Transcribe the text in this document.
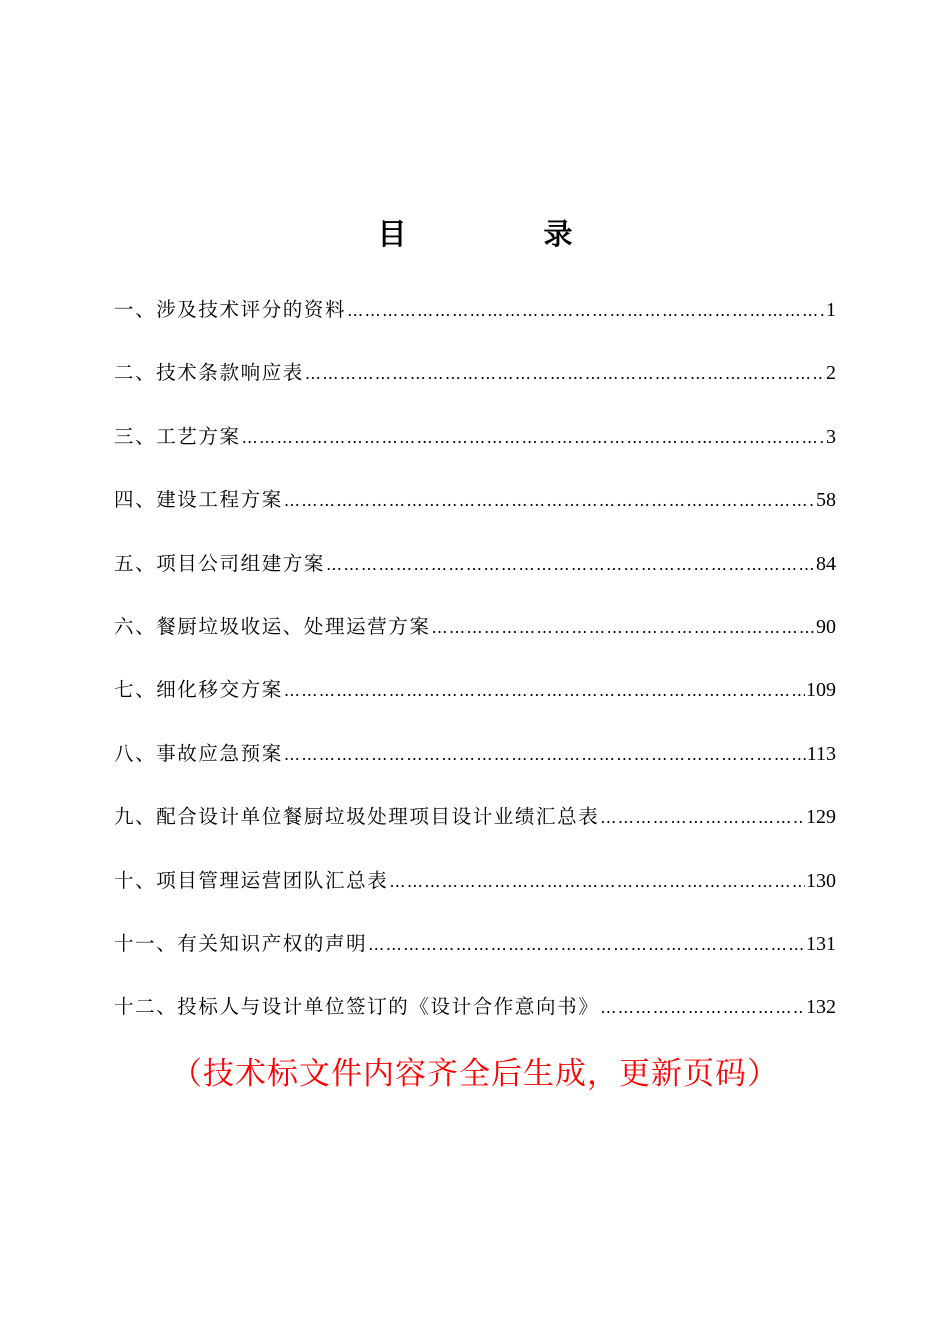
目　录
一、涉及技术评分的资料 ……………………………………………………………………………………………………………………………………………………………………………	1
二、技术条款响应表 ……………………………………………………………………………………………………………………………………………………………………………	2
三、工艺方案 ……………………………………………………………………………………………………………………………………………………………………………	3
四、建设工程方案 ……………………………………………………………………………………………………………………………………………………………………………	58
五、项目公司组建方案 ……………………………………………………………………………………………………………………………………………………………………………	84
六、餐厨垃圾收运、处理运营方案 ……………………………………………………………………………………………………………………………………………………………………………	90
七、细化移交方案 ……………………………………………………………………………………………………………………………………………………………………………	109
八、事故应急预案 ……………………………………………………………………………………………………………………………………………………………………………	113
九、配合设计单位餐厨垃圾处理项目设计业绩汇总表 ……………………………………………………………………………………………………………………………………………………………………………	129
十、项目管理运营团队汇总表 ……………………………………………………………………………………………………………………………………………………………………………	130
十一、有关知识产权的声明 ……………………………………………………………………………………………………………………………………………………………………………	131
十二、投标人与设计单位签订的《设计合作意向书》 ……………………………………………………………………………………………………………………………………………………………………………	132
（技术标文件内容齐全后生成，更新页码）
